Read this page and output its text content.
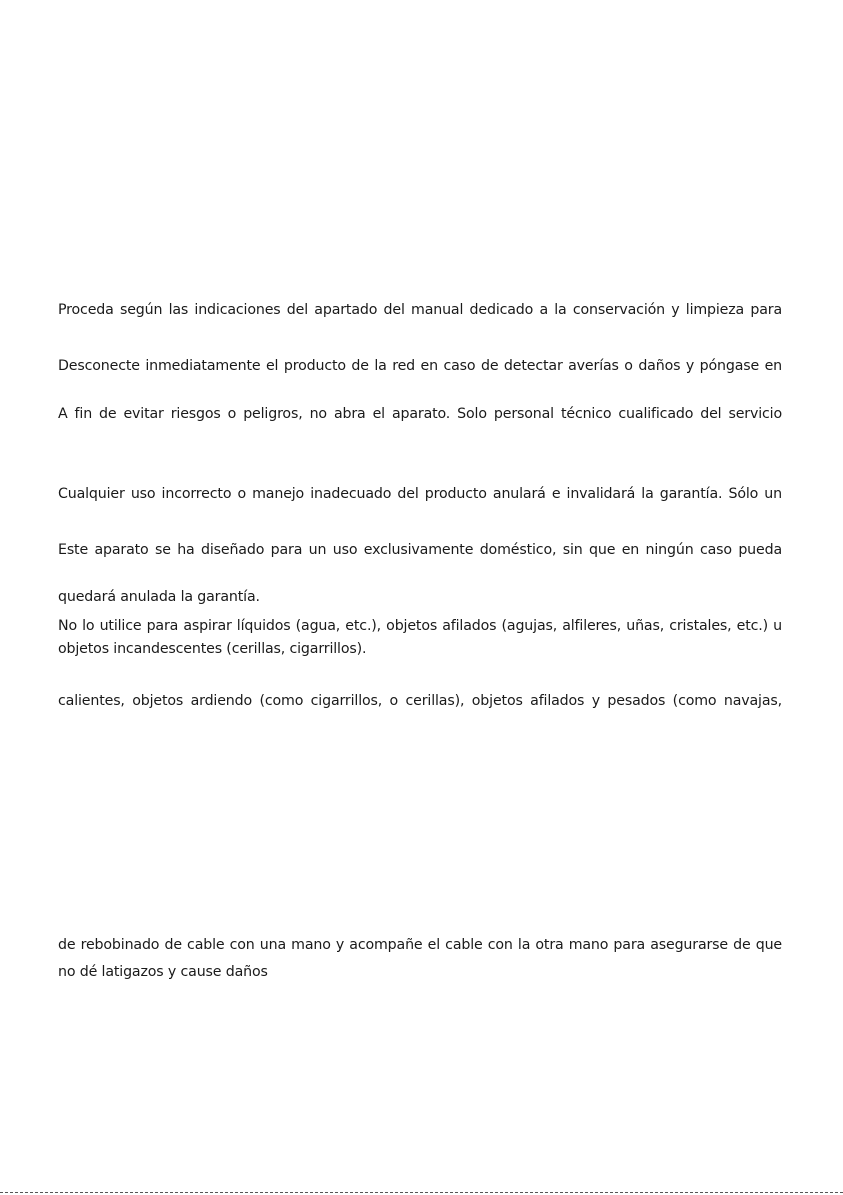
Proceda según las indicaciones del apartado del manual dedicado a la conservación y limpieza para
Desconecte inmediatamente el producto de la red en caso de detectar averías o daños y póngase en
A fin de evitar riesgos o peligros, no abra el aparato. Solo personal técnico cualificado del servicio
Cualquier uso incorrecto o manejo inadecuado del producto anulará e invalidará la garantía. Sólo un
Este aparato se ha diseñado para un uso exclusivamente doméstico, sin que en ningún caso pueda
quedará anulada la garantía.
No lo utilice para aspirar líquidos (agua, etc.), objetos afilados (agujas, alfileres, uñas, cristales, etc.) u
objetos incandescentes (cerillas, cigarrillos).
calientes, objetos ardiendo (como cigarrillos, o cerillas), objetos afilados y pesados (como navajas,
de rebobinado de cable con una mano y acompañe el cable con la otra mano para asegurarse de que
no dé latigazos y cause daños
